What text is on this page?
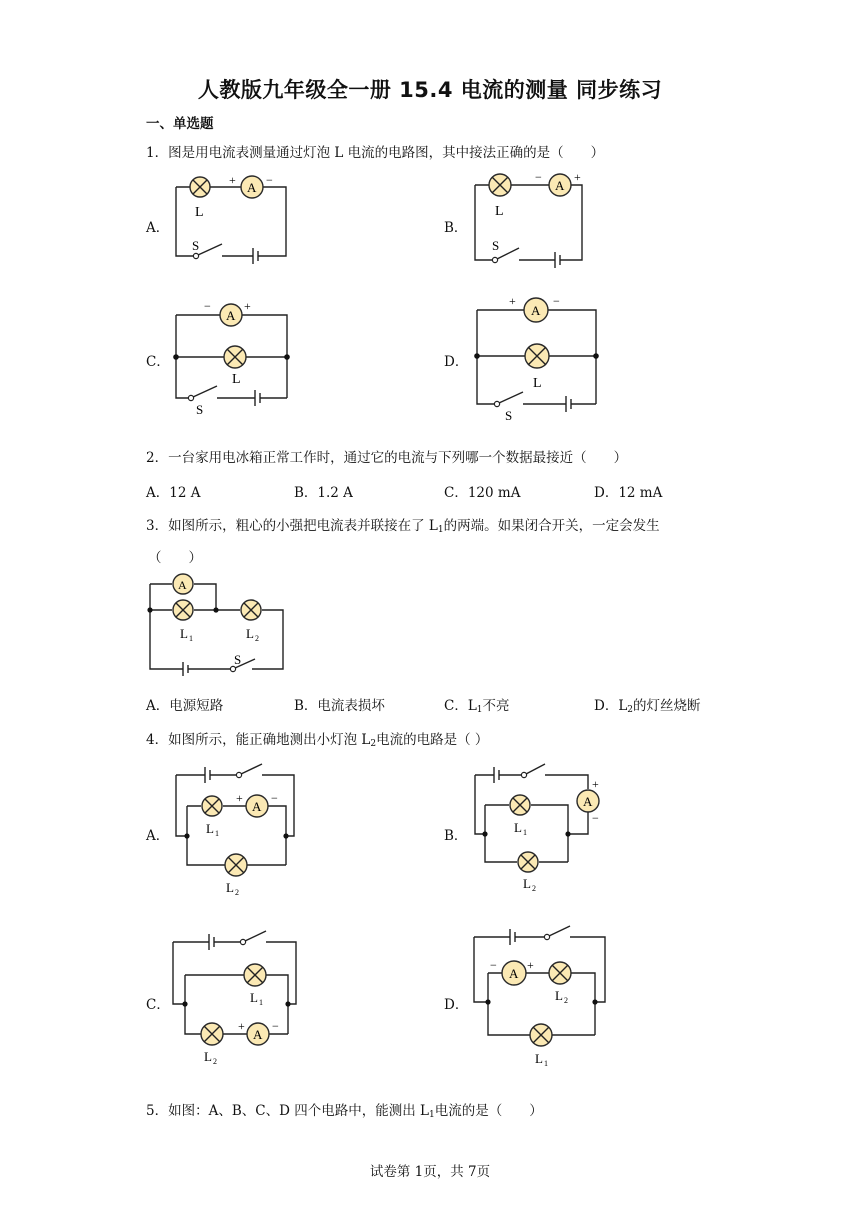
人教版九年级全一册 15.4 电流的测量 同步练习
一、单选题
1．图是用电流表测量通过灯泡 L 电流的电路图，其中接法正确的是（　　）
A．	B．
C．	D．
L
A
+	−
S
L
A
−	+
S
A
−	+
L
S
A
+	−
L
S
A
L 1	L 2
S
L 1
A
+ −
L 2
A
+
−
L 1
L 2
L 1
L 2
A
+ −
A
−	+
L 2
L 1
2．一台家用电冰箱正常工作时，通过它的电流与下列哪一个数据最接近（　　）
A．12 A	B．1.2 A	C．120 mA	D．12 mA
3．如图所示，粗心的小强把电流表并联接在了 $L_1$的两端。如果闭合开关，一定会发生
（　　）
A．电源短路	B．电流表损坏	C．$L_1$不亮	D．$L_2$的灯丝烧断
4．如图所示，能正确地测出小灯泡 $L_2$电流的电路是（ ）
A．	B．
C．	D．
5．如图：A、B、C、D 四个电路中，能测出 $L_1$电流的是（　　）
试卷第 1页，共 7页
